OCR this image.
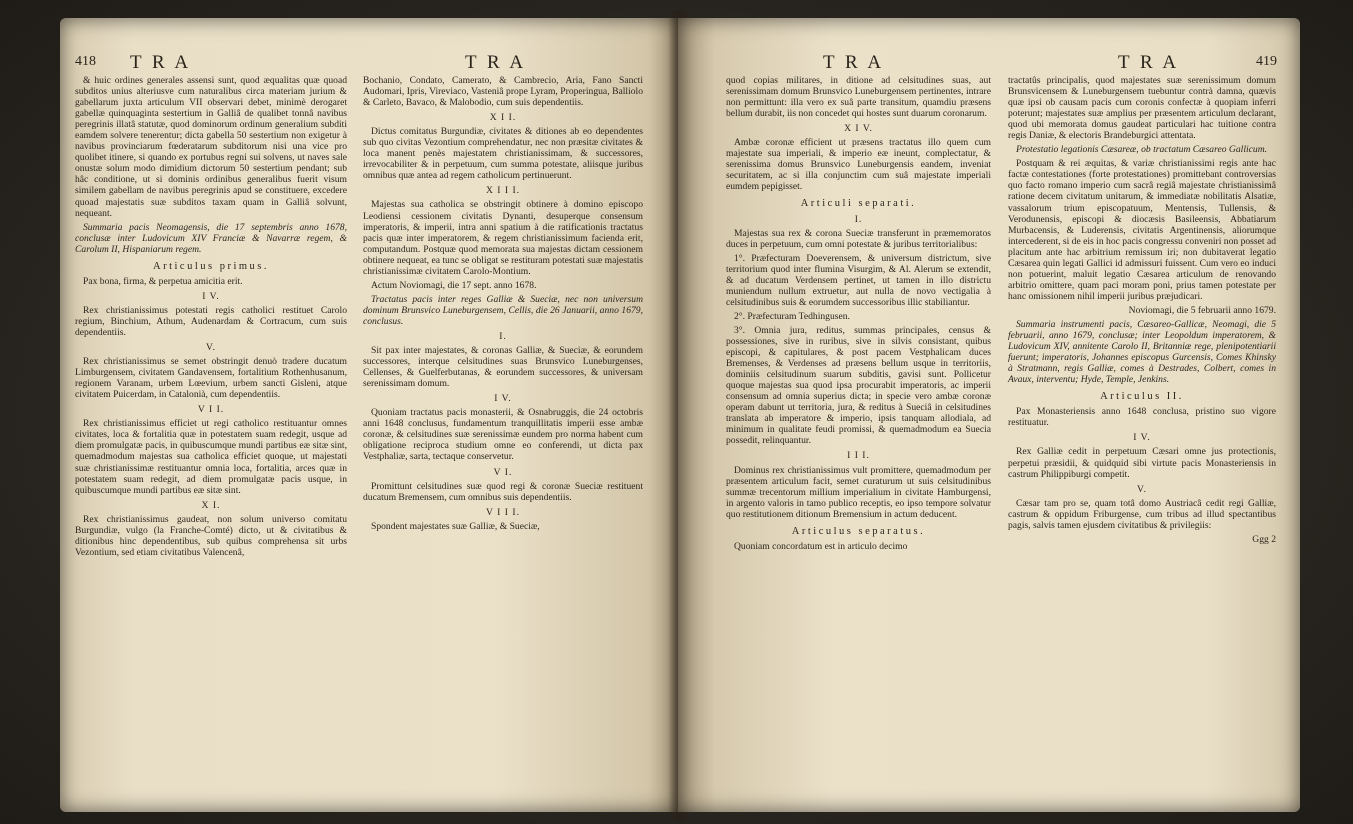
418 T R A	T R A

& huic ordines generales assensi sunt, quod æqualitas quæ quoad subditos unius alteriusve cum naturalibus circa materiam jurium & gabellarum juxta articulum VII observari debet, minimè derogaret gabellæ quinquaginta sestertium in Galliâ de qualibet tonnâ navibus peregrinis illatâ statutæ, quod dominorum ordinum generalium subditi eamdem solvere tenerentur; dicta gabella 50 sestertium non exigetur à navibus provinciarum fœderatarum subditorum nisi una vice pro quolibet itinere, si quando ex portubus regni sui solvens, ut naves sale onustæ solum modo dimidium dictorum 50 sestertium pendant; sub hâc conditione, ut si dominis ordinibus generalibus fuerit visum similem gabellam de navibus peregrinis apud se constituere, excedere quoad majestatis suæ subditos taxam quam in Galliâ solvunt, nequeant.

Summaria pacis Neomagensis, die 17 septembris anno 1678, conclusæ inter Ludovicum XIV Franciæ & Navarræ regem, & Carolum II, Hispaniarum regem.

Articulus primus.

Pax bona, firma, & perpetua amicitia erit.

I V.

Rex christianissimus potestati regis catholici restituet Carolo regium, Binchium, Athum, Audenardam & Cortracum, cum suis dependentiis.

V.

Rex christianissimus se semet obstringit denuò tradere ducatum Limburgensem, civitatem Gandavensem, fortalitium Rothenhusanum, regionem Varanam, urbem Lœevium, urbem sancti Gisleni, atque civitatem Puicerdam, in Catalonià, cum dependentiis.

V I I.

Rex christianissimus efficiet ut regi catholico restituantur omnes civitates, loca & fortalitia quæ in potestatem suam redegit, usque ad diem promulgatæ pacis, in quibuscumque mundi partibus eæ sitæ sint, quemadmodum majestas sua catholica efficiet quoque, ut majestati suæ christianissimæ restituantur omnia loca, fortalitia, arces quæ in potestatem suam redegit, ad diem promulgatæ pacis usque, in quibuscumque mundi partibus eæ sitæ sint.

X I.

Rex christianissimus gaudeat, non solum universo comitatu Burgundiæ, vulgo (la Franche-Comté) dicto, ut & civitatibus & ditionibus hinc dependentibus, sub quibus comprehensa sit urbs Vezontium, sed etiam civitatibus Valencenâ,

Bochanio, Condato, Camerato, & Cambrecio, Aria, Fano Sancti Audomari, Ipris, Vireviaco, Vasteniâ prope Lyram, Properingua, Balliolo & Carleto, Bavaco, & Malobodio, cum suis dependentiis.

X I I.

Dictus comitatus Burgundiæ, civitates & ditiones ab eo dependentes sub quo civitas Vezontium comprehendatur, nec non præsitæ civitates & loca manent penès majestatem christianissimam, & successores, irrevocabiliter & in perpetuum, cum summa potestate, aliisque juribus omnibus quæ antea ad regem catholicum pertinuerunt.

X I I I.

Majestas sua catholica se obstringit obtinere à domino episcopo Leodiensi cessionem civitatis Dynanti, desuperque consensum imperatoris, & imperii, intra anni spatium à die ratificationis tractatus pacis quæ inter imperatorem, & regem christianissimum facienda erit, computandum. Postquæ quod memorata sua majestas dictam cessionem obtinere nequeat, ea tunc se obligat se restituram potestati suæ majestatis christianissimæ civitatem Carolo-Montium.

Actum Noviomagi, die 17 sept. anno 1678.

Tractatus pacis inter reges Galliæ & Sueciæ, nec non universum dominum Brunsvico Luneburgensem, Cellis, die 26 Januarii, anno 1679, conclusus.

I.

Sit pax inter majestates, & coronas Galliæ, & Sueciæ, & eorundem successores, interque celsitudines suas Brunsvico Luneburgenses, Cellenses, & Guelferbutanas, & eorundem successores, & universam serenissimam domum.

I V.

Quoniam tractatus pacis monasterii, & Osnabruggis, die 24 octobris anni 1648 conclusus, fundamentum tranquillitatis imperii esse ambæ coronæ, & celsitudines suæ serenissimæ eundem pro norma habent cum obligatione reciproca studium omne eo conferendi, ut dicta pax Vestphaliæ, sarta, tectaque conservetur.

V I.

Promittunt celsitudines suæ quod regi & coronæ Sueciæ restituent ducatum Bremensem, cum omnibus suis dependentiis.

V I I I.

Spondent majestates suæ Galliæ, & Sueciæ,

T R A	T R A	419

quod copias militares, in ditione ad celsitudines suas, aut serenissimam domum Brunsvico Luneburgensem pertinentes, intrare non permittunt: illa vero ex suâ parte transitum, quamdiu præsens bellum durabit, iis non concedet qui hostes sunt duarum coronarum.

X I V.

Ambæ coronæ efficient ut præsens tractatus illo quem cum majestate sua imperiali, & imperio eæ ineunt, complectatur, & serenissima domus Brunsvico Luneburgensis eandem, inveniat securitatem, ac si illa conjunctim cum suâ majestate imperiali eumdem pepigisset.

Articuli separati.

I.

Majestas sua rex & corona Sueciæ transferunt in præmemoratos duces in perpetuum, cum omni potestate & juribus territorialibus:

1°. Præfecturam Doeverensem, & universum districtum, sive territorium quod inter flumina Visurgim, & Al. Alerum se extendit, & ad ducatum Verdensem pertinet, ut tamen in illo districtu muniendum nullum extruetur, aut nulla de novo vectigalia à celsitudinibus suis & eorumdem successoribus illic stabiliantur.

2°. Præfecturam Tedhingusen.

3°. Omnia jura, reditus, summas principales, census & possessiones, sive in ruribus, sive in silvis consistant, quibus episcopi, & capitulares, & post pacem Vestphalicam duces Bremenses, & Verdenses ad præsens bellum usque in territoriis, dominiis celsitudinum suarum subditis, gavisi sunt. Pollicetur quoque majestas sua quod ipsa procurabit imperatoris, ac imperii consensum ad omnia superius dicta; in specie vero ambæ coronæ operam dabunt ut territoria, jura, & reditus à Sueciâ in celsitudines translata ab imperatore & imperio, ipsis tanquam allodiala, ad minimum in qualitate feudi promissi, & quemadmodum ea Suecia possedit, relinquantur.

I I I.

Dominus rex christianissimus vult promittere, quemadmodum per præsentem articulum facit, semet curaturum ut suis celsitudinibus summæ trecentorum millium imperialium in civitate Hamburgensi, in argento valoris in tamo publico receptis, eo ipso tempore solvatur quo restitutionem ditionum Bremensium in actum deducent.

Articulus separatus.

Quoniam concordatum est in articulo decimo

tractatûs principalis, quod majestates suæ serenissimum domum Brunsvicensem & Luneburgensem tuebuntur contrà damna, quævis quæ ipsi ob causam pacis cum coronis confectæ à quopiam inferri poterunt; majestates suæ amplius per præsentem articulum declarant, quod ubi memorata domus gaudeat particulari hac tuitione contra regis Daniæ, & electoris Brandeburgici attentata.

Protestatio legationis Cæsareæ, ob tractatum Cæsareo Gallicum.

Postquam & rei æquitas, & variæ christianissimi regis ante hac factæ contestationes (forte protestationes) promittebant controversias quo facto romano imperio cum sacrâ regiâ majestate christianissimâ ratione decem civitatum unitarum, & immediatæ nobilitatis Alsatiæ, vassalorum trium episcopatuum, Mentensis, Tullensis, & Verodunensis, episcopi & diocæsis Basileensis, Abbatiarum Murbacensis, & Luderensis, civitatis Argentinensis, aliorumque intercederent, si de eis in hoc pacis congressu conveniri non posset ad placitum ante hac arbitrium remissum iri; non dubitaverat legatio Cæsarea quin legati Gallici id admissuri fuissent. Cum vero eo induci non potuerint, maluit legatio Cæsarea articulum de renovando arbitrio omittere, quam paci moram poni, prius tamen potestate per hanc omissionem nihil imperii juribus præjudicari.

Noviomagi, die 5 februarii anno 1679.

Summaria instrumenti pacis, Cæsareo-Gallicæ, Neomagi, die 5 februarii, anno 1679, conclusæ; inter Leopoldum imperatorem, & Ludovicum XIV, annitente Carolo II, Britanniæ rege, plenipotentiarii fuerunt; imperatoris, Johannes episcopus Gurcensis, Comes Khinsky à Stratmann, regis Galliæ, comes à Destrades, Colbert, comes in Avaux, interventu; Hyde, Temple, Jenkins.

Articulus II.

Pax Monasteriensis anno 1648 conclusa, pristino suo vigore restituatur.

I V.

Rex Galliæ cedit in perpetuum Cæsari omne jus protectionis, perpetui præsidii, & quidquid sibi virtute pacis Monasteriensis in castrum Philippiburgi competit.

V.

Cæsar tam pro se, quam totâ domo Austriacâ cedit regi Galliæ, castrum & oppidum Friburgense, cum tribus ad illud spectantibus pagis, salvis tamen ejusdem civitatibus & privilegiis:

Ggg 2
